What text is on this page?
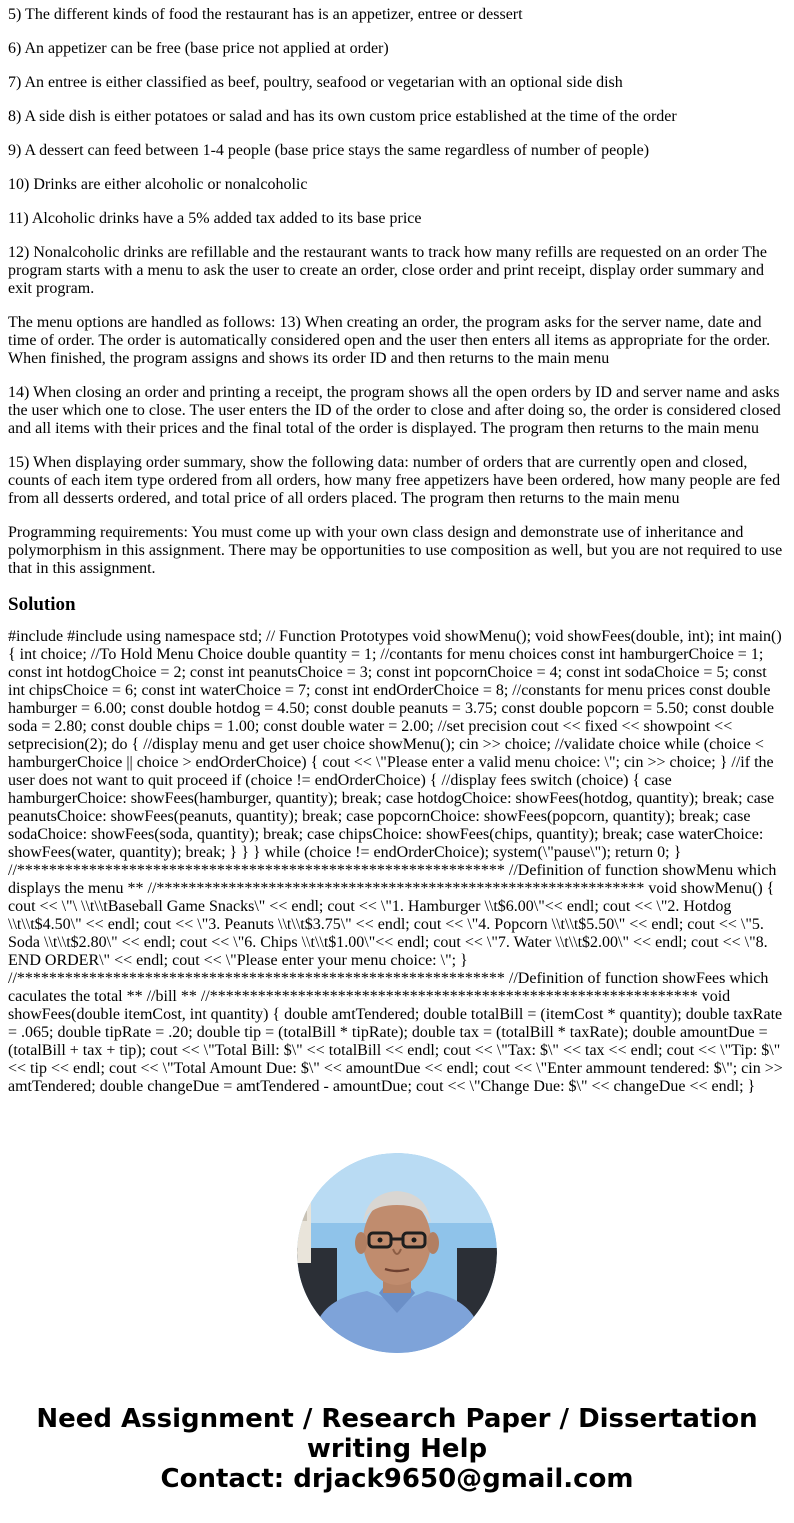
5) The different kinds of food the restaurant has is an appetizer, entree or dessert

6) An appetizer can be free (base price not applied at order)

7) An entree is either classified as beef, poultry, seafood or vegetarian with an optional side dish

8) A side dish is either potatoes or salad and has its own custom price established at the time of the order

9) A dessert can feed between 1-4 people (base price stays the same regardless of number of people)

10) Drinks are either alcoholic or nonalcoholic

11) Alcoholic drinks have a 5% added tax added to its base price

12) Nonalcoholic drinks are refillable and the restaurant wants to track how many refills are requested on an order The program starts with a menu to ask the user to create an order, close order and print receipt, display order summary and exit program.

The menu options are handled as follows: 13) When creating an order, the program asks for the server name, date and time of order. The order is automatically considered open and the user then enters all items as appropriate for the order. When finished, the program assigns and shows its order ID and then returns to the main menu

14) When closing an order and printing a receipt, the program shows all the open orders by ID and server name and asks the user which one to close. The user enters the ID of the order to close and after doing so, the order is considered closed and all items with their prices and the final total of the order is displayed. The program then returns to the main menu

15) When displaying order summary, show the following data: number of orders that are currently open and closed, counts of each item type ordered from all orders, how many free appetizers have been ordered, how many people are fed from all desserts ordered, and total price of all orders placed. The program then returns to the main menu

Programming requirements: You must come up with your own class design and demonstrate use of inheritance and polymorphism in this assignment. There may be opportunities to use composition as well, but you are not required to use that in this assignment.

Solution

#include #include using namespace std; // Function Prototypes void showMenu(); void showFees(double, int); int main() { int choice; //To Hold Menu Choice double quantity = 1; //contants for menu choices const int hamburgerChoice = 1; const int hotdogChoice = 2; const int peanutsChoice = 3; const int popcornChoice = 4; const int sodaChoice = 5; const int chipsChoice = 6; const int waterChoice = 7; const int endOrderChoice = 8; //constants for menu prices const double hamburger = 6.00; const double hotdog = 4.50; const double peanuts = 3.75; const double popcorn = 5.50; const double soda = 2.80; const double chips = 1.00; const double water = 2.00; //set precision cout << fixed << showpoint << setprecision(2); do { //display menu and get user choice showMenu(); cin >> choice; //validate choice while (choice < hamburgerChoice || choice > endOrderChoice) { cout << \"Please enter a valid menu choice: \"; cin >> choice; } //if the user does not want to quit proceed if (choice != endOrderChoice) { //display fees switch (choice) { case hamburgerChoice: showFees(hamburger, quantity); break; case hotdogChoice: showFees(hotdog, quantity); break; case peanutsChoice: showFees(peanuts, quantity); break; case popcornChoice: showFees(popcorn, quantity); break; case sodaChoice: showFees(soda, quantity); break; case chipsChoice: showFees(chips, quantity); break; case waterChoice: showFees(water, quantity); break; } } } while (choice != endOrderChoice); system(\"pause\"); return 0; } //************************************************************* //Definition of function showMenu which displays the menu ** //************************************************************* void showMenu() { cout << \"\ \\t\\tBaseball Game Snacks\" << endl; cout << \"1. Hamburger \\t$6.00\"<< endl; cout << \"2. Hotdog \\t\\t$4.50\" << endl; cout << \"3. Peanuts \\t\\t$3.75\" << endl; cout << \"4. Popcorn \\t\\t$5.50\" << endl; cout << \"5. Soda \\t\\t$2.80\" << endl; cout << \"6. Chips \\t\\t$1.00\"<< endl; cout << \"7. Water \\t\\t$2.00\" << endl; cout << \"8. END ORDER\" << endl; cout << \"Please enter your menu choice: \"; } //************************************************************* //Definition of function showFees which caculates the total ** //bill ** //************************************************************* void showFees(double itemCost, int quantity) { double amtTendered; double totalBill = (itemCost * quantity); double taxRate = .065; double tipRate = .20; double tip = (totalBill * tipRate); double tax = (totalBill * taxRate); double amountDue = (totalBill + tax + tip); cout << \"Total Bill: $\" << totalBill << endl; cout << \"Tax: $\" << tax << endl; cout << \"Tip: $\" << tip << endl; cout << \"Total Amount Due: $\" << amountDue << endl; cout << \"Enter ammount tendered: $\"; cin >> amtTendered; double changeDue = amtTendered - amountDue; cout << \"Change Due: $\" << changeDue << endl; }

Need Assignment / Research Paper / Dissertation
writing Help
Contact: drjack9650@gmail.com
